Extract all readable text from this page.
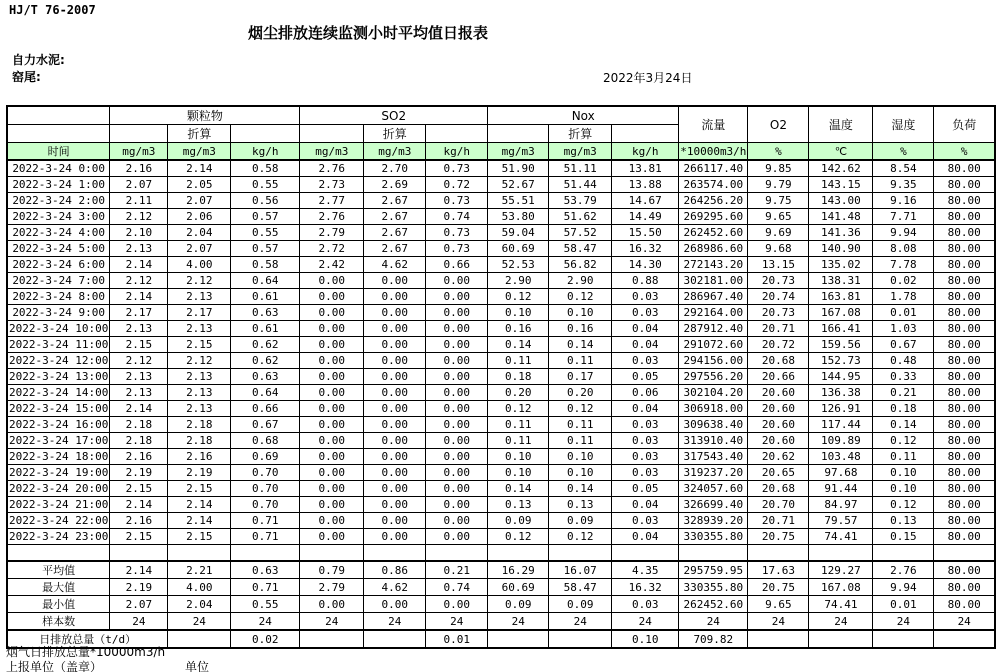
HJ/T 76-2007
烟尘排放连续监测小时平均值日报表
自力水泥:
窑尾:	2022年3月24日
	颗粒物			SO2			Nox			流量	O2	温度	湿度	负荷
		折算			折算			折算						
时间	mg/m3	mg/m3	kg/h	mg/m3	mg/m3	kg/h	mg/m3	mg/m3	kg/h	*10000m3/h	%	℃	%	%
2022-3-24 0:00	2.16	2.14	0.58	2.76	2.70	0.73	51.90	51.11	13.81	266117.40	9.85	142.62	8.54	80.00
2022-3-24 1:00	2.07	2.05	0.55	2.73	2.69	0.72	52.67	51.44	13.88	263574.00	9.79	143.15	9.35	80.00
2022-3-24 2:00	2.11	2.07	0.56	2.77	2.67	0.73	55.51	53.79	14.67	264256.20	9.75	143.00	9.16	80.00
2022-3-24 3:00	2.12	2.06	0.57	2.76	2.67	0.74	53.80	51.62	14.49	269295.60	9.65	141.48	7.71	80.00
2022-3-24 4:00	2.10	2.04	0.55	2.79	2.67	0.73	59.04	57.52	15.50	262452.60	9.69	141.36	9.94	80.00
2022-3-24 5:00	2.13	2.07	0.57	2.72	2.67	0.73	60.69	58.47	16.32	268986.60	9.68	140.90	8.08	80.00
2022-3-24 6:00	2.14	4.00	0.58	2.42	4.62	0.66	52.53	56.82	14.30	272143.20	13.15	135.02	7.78	80.00
2022-3-24 7:00	2.12	2.12	0.64	0.00	0.00	0.00	2.90	2.90	0.88	302181.00	20.73	138.31	0.02	80.00
2022-3-24 8:00	2.14	2.13	0.61	0.00	0.00	0.00	0.12	0.12	0.03	286967.40	20.74	163.81	1.78	80.00
2022-3-24 9:00	2.17	2.17	0.63	0.00	0.00	0.00	0.10	0.10	0.03	292164.00	20.73	167.08	0.01	80.00
2022-3-24 10:00	2.13	2.13	0.61	0.00	0.00	0.00	0.16	0.16	0.04	287912.40	20.71	166.41	1.03	80.00
2022-3-24 11:00	2.15	2.15	0.62	0.00	0.00	0.00	0.14	0.14	0.04	291072.60	20.72	159.56	0.67	80.00
2022-3-24 12:00	2.12	2.12	0.62	0.00	0.00	0.00	0.11	0.11	0.03	294156.00	20.68	152.73	0.48	80.00
2022-3-24 13:00	2.13	2.13	0.63	0.00	0.00	0.00	0.18	0.17	0.05	297556.20	20.66	144.95	0.33	80.00
2022-3-24 14:00	2.13	2.13	0.64	0.00	0.00	0.00	0.20	0.20	0.06	302104.20	20.60	136.38	0.21	80.00
2022-3-24 15:00	2.14	2.13	0.66	0.00	0.00	0.00	0.12	0.12	0.04	306918.00	20.60	126.91	0.18	80.00
2022-3-24 16:00	2.18	2.18	0.67	0.00	0.00	0.00	0.11	0.11	0.03	309638.40	20.60	117.44	0.14	80.00
2022-3-24 17:00	2.18	2.18	0.68	0.00	0.00	0.00	0.11	0.11	0.03	313910.40	20.60	109.89	0.12	80.00
2022-3-24 18:00	2.16	2.16	0.69	0.00	0.00	0.00	0.10	0.10	0.03	317543.40	20.62	103.48	0.11	80.00
2022-3-24 19:00	2.19	2.19	0.70	0.00	0.00	0.00	0.10	0.10	0.03	319237.20	20.65	97.68	0.10	80.00
2022-3-24 20:00	2.15	2.15	0.70	0.00	0.00	0.00	0.14	0.14	0.05	324057.60	20.68	91.44	0.10	80.00
2022-3-24 21:00	2.14	2.14	0.70	0.00	0.00	0.00	0.13	0.13	0.04	326699.40	20.70	84.97	0.12	80.00
2022-3-24 22:00	2.16	2.14	0.71	0.00	0.00	0.00	0.09	0.09	0.03	328939.20	20.71	79.57	0.13	80.00
2022-3-24 23:00	2.15	2.15	0.71	0.00	0.00	0.00	0.12	0.12	0.04	330355.80	20.75	74.41	0.15	80.00

平均值	2.14	2.21	0.63	0.79	0.86	0.21	16.29	16.07	4.35	295759.95	17.63	129.27	2.76	80.00
最大值	2.19	4.00	0.71	2.79	4.62	0.74	60.69	58.47	16.32	330355.80	20.75	167.08	9.94	80.00
最小值	2.07	2.04	0.55	0.00	0.00	0.00	0.09	0.09	0.03	262452.60	9.65	74.41	0.01	80.00
样本数	24	24	24	24	24	24	24	24	24	24	24	24	24	24
日排放总量（t/d）			0.02			0.01			0.10	709.82				
烟气日排放总量*10000m3/h
上报单位（盖章）	单位
